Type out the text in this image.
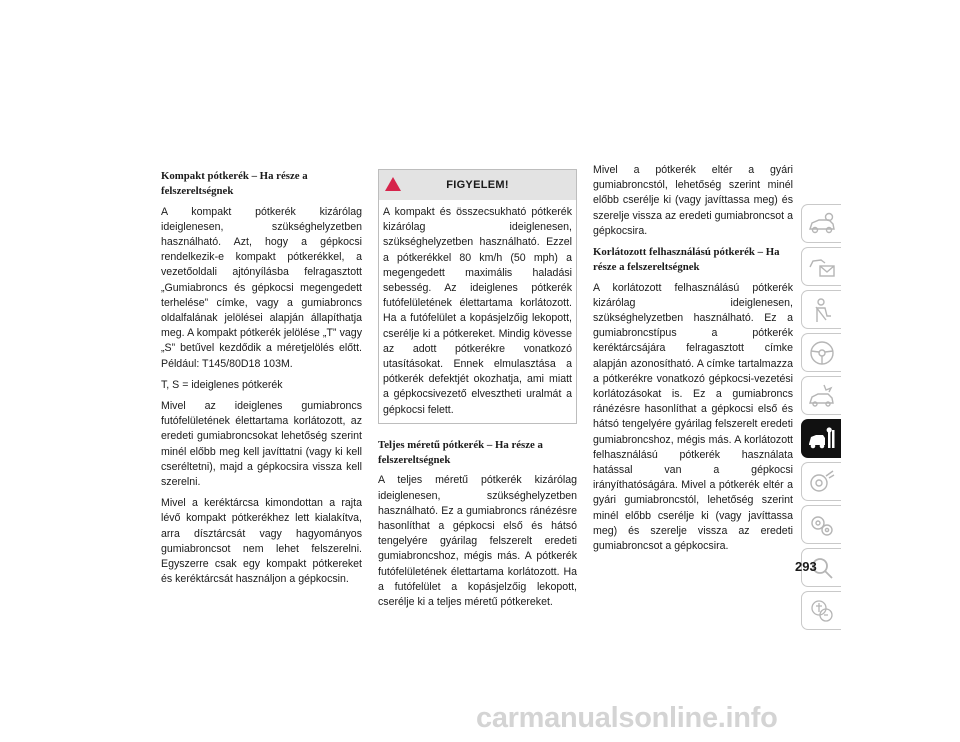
Kompakt pótkerék – Ha része a felszereltségnek

A kompakt pótkerék kizárólag ideiglenesen, szükséghelyzetben használható. Azt, hogy a gépkocsi rendelkezik-e kompakt pótkerékkel, a vezetőoldali ajtónyílásba felragasztott „Gumiabroncs és gépkocsi megengedett terhelése” címke, vagy a gumiabroncs oldalfalának jelölései alapján állapíthatja meg. A kompakt pótkerék jelölése „T” vagy „S” betűvel kezdődik a méretjelölés előtt. Például: T145/80D18 103M.

T, S = ideiglenes pótkerék

Mivel az ideiglenes gumiabroncs futófelületének élettartama korlátozott, az eredeti gumiabroncsokat lehetőség szerint minél előbb meg kell javíttatni (vagy ki kell cseréltetni), majd a gépkocsira vissza kell szerelni.

Mivel a keréktárcsa kimondottan a rajta lévő kompakt pótkerékhez lett kialakítva, arra dísztárcsát vagy hagyományos gumiabroncsot nem lehet felszerelni. Egyszerre csak egy kompakt pótkereket és keréktárcsát használjon a gépkocsin.

FIGYELEM!
A kompakt és összecsukható pótkerék kizárólag ideiglenesen, szükséghelyzetben használható. Ezzel a pótkerékkel 80 km/h (50 mph) a megengedett maximális haladási sebesség. Az ideiglenes pótkerék futófelületének élettartama korlátozott. Ha a futófelület a kopásjelzőig lekopott, cserélje ki a pótkereket. Mindig kövesse az adott pótkerékre vonatkozó utasításokat. Ennek elmulasztása a pótkerék defektjét okozhatja, ami miatt a gépkocsivezető elvesztheti uralmát a gépkocsi felett.
Teljes méretű pótkerék – Ha része a felszereltségnek

A teljes méretű pótkerék kizárólag ideiglenesen, szükséghelyzetben használható. Ez a gumiabroncs ránézésre hasonlíthat a gépkocsi első és hátsó tengelyére gyárilag felszerelt eredeti gumiabroncshoz, mégis más. A pótkerék futófelületének élettartama korlátozott. Ha a futófelület a kopásjelzőig lekopott, cserélje ki a teljes méretű pótkereket.

Mivel a pótkerék eltér a gyári gumiabroncstól, lehetőség szerint minél előbb cserélje ki (vagy javíttassa meg) és szerelje vissza az eredeti gumiabroncsot a gépkocsira.

Korlátozott felhasználású pótkerék – Ha része a felszereltségnek

A korlátozott felhasználású pótkerék kizárólag ideiglenesen, szükséghelyzetben használható. Ez a gumiabroncstípus a pótkerék keréktárcsájára felragasztott címke alapján azonosítható. A címke tartalmazza a pótkerékre vonatkozó gépkocsi-vezetési korlátozásokat is. Ez a gumiabroncs ránézésre hasonlíthat a gépkocsi első és hátsó tengelyére gyárilag felszerelt eredeti gumiabroncshoz, mégis más. A korlátozott felhasználású pótkerék használata hatással van a gépkocsi irányíthatóságára. Mivel a pótkerék eltér a gyári gumiabroncstól, lehetőség szerint minél előbb cserélje ki (vagy javíttassa meg) és szerelje vissza az eredeti gumiabroncsot a gépkocsira.

293
carmanualsonline.info
